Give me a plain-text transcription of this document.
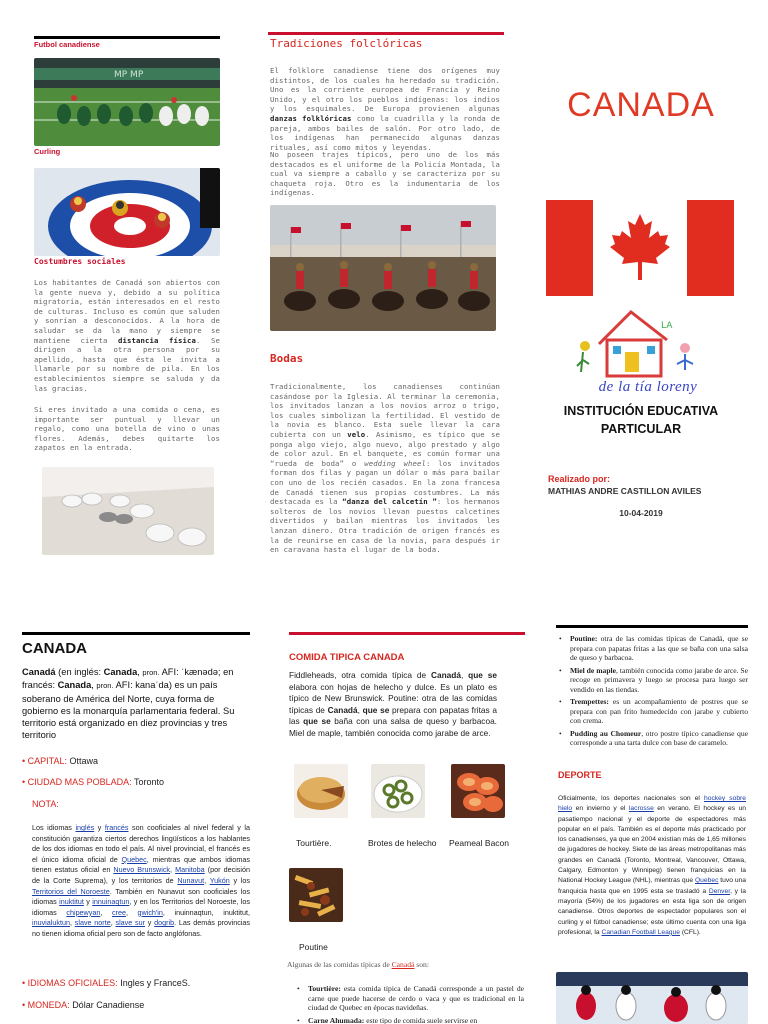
Futbol canadiense
MP MP
Curling
Costumbres sociales
Los habitantes de Canadá son abiertos con la gente nueva y, debido a su política migratoria, están interesados en el resto de culturas. Incluso es común que saluden y sonrían a desconocidos. A la hora de saludar se da la mano y siempre se mantiene cierta distancia física. Se dirigen a la otra persona por su apellido, hasta que ésta le invita a llamarle por su nombre de pila. En los establecimientos siempre se saluda y da las gracias.
Si eres invitado a una comida o cena, es importante ser puntual y llevar un regalo, como una botella de vino o unas flores. Además, debes quitarte los zapatos en la entrada.
Tradiciones folclóricas
El folklore canadiense tiene dos orígenes muy distintos, de los cuales ha heredado su tradición. Uno es la corriente europea de Francia y Reino Unido, y el otro los pueblos indígenas: los indios y los esquimales. De Europa provienen algunas danzas folklóricas como la cuadrilla y la ronda de pareja, ambos bailes de salón. Por otro lado, de los indígenas han permanecido algunas danzas rituales, así como mitos y leyendas.
No poseen trajes típicos, pero uno de los más destacados es el uniforme de la Policía Montada, la cual va siempre a caballo y se caracteriza por su chaqueta roja. Otro es la indumentaria de los indígenas.
Bodas
Tradicionalmente, los canadienses continúan casándose por la Iglesia. Al terminar la ceremonia, los invitados lanzan a los novios arroz o trigo, los cuales simbolizan la fertilidad. El vestido de la novia es blanco. Esta suele llevar la cara cubierta con un velo. Asimismo, es típico que se ponga algo viejo, algo nuevo, algo prestado y algo de color azul. En el banquete, es común formar una “rueda de boda” o wedding wheel: los invitados forman dos filas y pagan un dólar o más para bailar con uno de los recién casados. En la zona francesa de Canadá tienen sus propias costumbres. La más destacada es la “danza del calcetín ”: los hermanos solteros de los novios llevan puestos calcetines divertidos y bailan mientras los invitados les lanzan dinero. Otra tradición de origen francés es la de reunirse en casa de la novia, para después ir en caravana hasta el lugar de la boda.
CANADA
LA
de la tía loreny
INSTITUCIÓN EDUCATIVA
PARTICULAR
Realizado por:
MATHIAS ANDRE CASTILLON AVILES
10-04-2019
CANADA
Canadá (en inglés: Canada, pron. AFI: ˈkænədə; en francés: Canada, pron. AFI: kanaˈda) es un país soberano de América del Norte, cuya forma de gobierno es la monarquía parlamentaria federal. Su territorio está organizado en diez provincias y tres territorio
• CAPITAL: Ottawa
• CIUDAD MAS POBLADA: Toronto
NOTA:
Los idiomas inglés y francés son cooficiales al nivel federal y la constitución garantiza ciertos derechos lingüísticos a los hablantes de los dos idiomas en todo el país. Al nivel provincial, el francés es el único idioma oficial de Quebec, mientras que ambos idiomas tienen estatus oficial en Nuevo Brunswick, Manitoba (por decisión de la Corte Suprema), y los territorios de Nunavut, Yukón y los Territorios del Noroeste. También en Nunavut son cooficiales los idiomas inuktitut y innuinaqtun, y en los Territorios del Noroeste, los idiomas chipewyan, cree, gwich'in, inuinnaqtun, inuktitut, inuvialuktun, slave norte, slave sur y dogrib. Las demás provincias no tienen idioma oficial pero son de facto anglófonas.
• IDIOMAS OFICIALES: Ingles y FranceS.
• MONEDA: Dólar Canadiense
COMIDA TIPICA CANADA
Fiddleheads, otra comida típica de Canadá, que se elabora con hojas de helecho y dulce. Es un plato es típico de New Brunswick. Poutine: otra de las comidas típicas de Canadá, que se prepara con papatas fritas a las que se baña con una salsa de queso y barbacoa. Miel de maple, también conocida como jarabe de arce.
Tourtière.	Brotes de helecho Peameal Bacon
Poutine
Algunas de las comidas típicas de Canadá son:
• Tourtière: esta comida típica de Canadá corresponde a un pastel de carne que puede hacerse de cerdo o vaca y que es tradicional en la ciudad de Quebec en épocas navideñas.
• Carne Ahumada: este tipo de comida suele servirse en
• Poutine: otra de las comidas típicas de Canadá, que se prepara con papatas fritas a las que se baña con una salsa de queso y barbacoa.
• Miel de maple, también conocida como jarabe de arce. Se recoge en primavera y luego se procesa para luego ser vendido en las tiendas.
• Trempettes: es un acompañamiento de postres que se prepara con pan frito humedecido con jarabe y cubierto con crema.
• Pudding au Chomeur, otro postre típico canadiense que corresponde a una tarta dulce con base de caramelo.
DEPORTE
Oficialmente, los deportes nacionales son el hockey sobre hielo en invierno y el lacrosse en verano. El hockey es un pasatiempo nacional y el deporte de espectadores más popular en el país. También es el deporte más practicado por los canadienses, ya que en 2004 existían más de 1,65 millones de jugadores de hockey. Siete de las áreas metropolitanas más grandes en Canadá (Toronto, Montreal, Vancouver, Ottawa, Calgary, Edmonton y Winnipeg) tienen franquicias en la National Hockey League (NHL), mientras que Quebec tuvo una franquicia hasta que en 1995 esta se trasladó a Denver, y la mayoría (54%) de los jugadores en esta liga son de origen canadiense. Otros deportes de espectador populares son el curling y el fútbol canadiense; este último cuenta con una liga profesional, la Canadian Football League (CFL).
